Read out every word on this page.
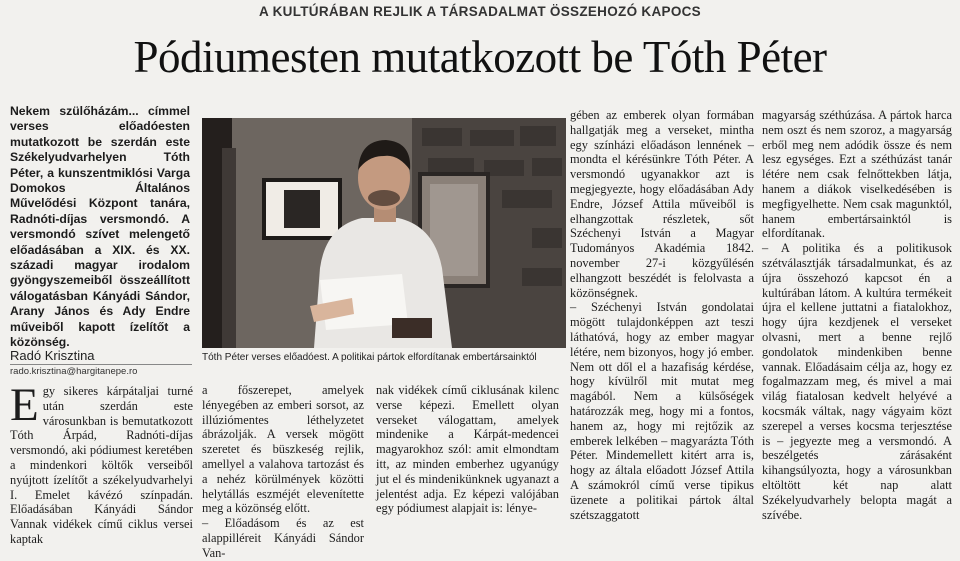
A KULTÚRÁBAN REJLIK A TÁRSADALMAT ÖSSZEHOZÓ KAPOCS
Pódiumesten mutatkozott be Tóth Péter

Nekem szülőházám... címmel verses előadóesten mutatkozott be szerdán este Székelyudvarhelyen Tóth Péter, a kunszentmiklósi Varga Domokos Általános Művelődési Központ tanára, Radnóti-díjas versmondó. A versmondó szívet melengető előadásában a XIX. és XX. századi magyar irodalom gyöngyszemeiből összeállított válogatásban Kányádi Sándor, Arany János és Ady Endre műveiből kapott ízelítőt a közönség.

Radó Krisztina
rado.krisztina@hargitanepe.ro
Tóth Péter verses előadóest. A politikai pártok elfordítanak embertársainktól
Egy sikeres kárpátaljai turné után szerdán este városunkban is bemutatkozott Tóth Árpád, Radnóti-díjas versmondó, aki pódiumest keretében a mindenkori költők verseiből nyújtott ízelítőt a székelyudvarhelyi I. Emelet kávézó színpadán. Előadásában Kányádi Sándor Vannak vidékek című ciklus versei kaptak

a főszerepet, amelyek lényegében az emberi sorsot, az illúziómentes léthelyzetet ábrázolják. A versek mögött szeretet és büszkeség rejlik, amellyel a valahova tartozást és a nehéz körülmények közötti helytállás eszméjét elevenítette meg a közönség előtt.
– Előadásom és az est alappilléreit Kányádi Sándor Van-

nak vidékek című ciklusának kilenc verse képezi. Emellett olyan verseket válogattam, amelyek mindenike a Kárpát-medencei magyarokhoz szól: amit elmondtam itt, az minden emberhez ugyanúgy jut el és mindenikünknek ugyanazt a jelentést adja. Ez képezi valójában egy pódiumest alapjait is: lénye-

gében az emberek olyan formában hallgatják meg a verseket, mintha egy színházi előadáson lennének – mondta el kérésünkre Tóth Péter. A versmondó ugyanakkor azt is megjegyezte, hogy előadásában Ady Endre, József Attila műveiből is elhangzottak részletek, sőt Széchenyi István a Magyar Tudományos Akadémia 1842. november 27-i közgyűlésén elhangzott beszédét is felolvasta a közönségnek.
– Széchenyi István gondolatai mögött tulajdonképpen azt teszi láthatóvá, hogy az ember magyar létére, nem bizonyos, hogy jó ember. Nem ott dől el a hazafiság kérdése, hogy kívülről mit mutat meg magából. Nem a külsőségek határozzák meg, hogy mi a fontos, hanem az, hogy mi rejtőzik az emberek lelkében – magyarázta Tóth Péter. Mindemellett kitért arra is, hogy az általa előadott József Attila A számokról című verse tipikus üzenete a politikai pártok által szétszaggatott

magyarság széthúzása. A pártok harca nem oszt és nem szoroz, a magyarság erből meg nem adódik össze és nem lesz egységes. Ezt a széthúzást tanár létére nem csak felnőttekben látja, hanem a diákok viselkedésében is megfigyelhette. Nem csak magunktól, hanem embertársainktól is elfordítanak.
– A politika és a politikusok szétválasztják társadalmunkat, és az újra összehozó kapcsot én a kultúrában látom. A kultúra termékeit újra el kellene juttatni a fiatalokhoz, hogy újra kezdjenek el verseket olvasni, mert a benne rejlő gondolatok mindenkiben benne vannak. Előadásaim célja az, hogy ez fogalmazzam meg, és mivel a mai világ fiatalosan kedvelt helyévé a kocsmák váltak, nagy vágyaim közt szerepel a verses kocsma terjesztése is – jegyezte meg a versmondó. A beszélgetés zárásaként kihangsúlyozta, hogy a városunkban eltöltött két nap alatt Székelyudvarhely belopta magát a szívébe.
